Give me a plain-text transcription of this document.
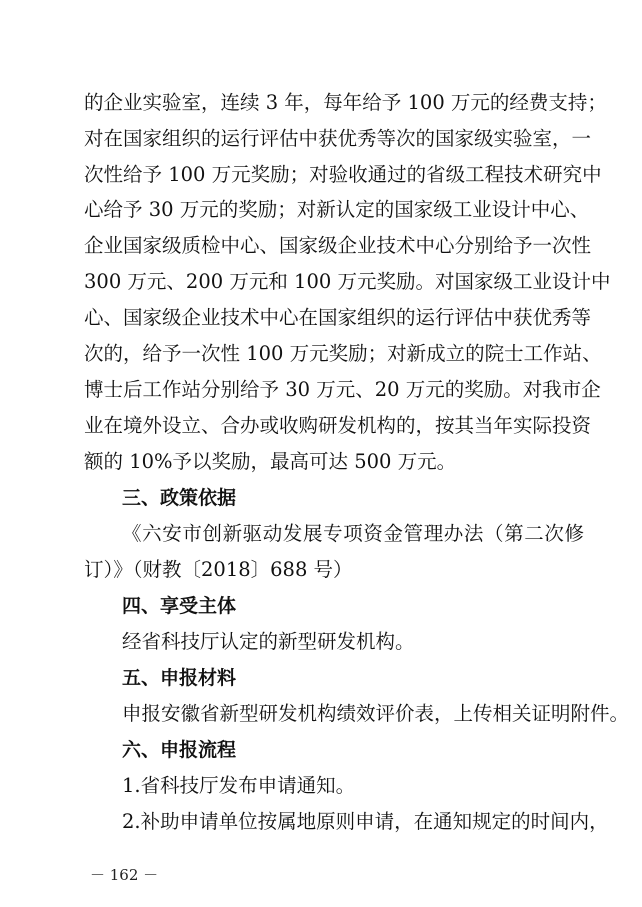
的企业实验室，连续 3 年，每年给予 100 万元的经费支持；
对在国家组织的运行评估中获优秀等次的国家级实验室，一
次性给予 100 万元奖励；对验收通过的省级工程技术研究中
心给予 30 万元的奖励；对新认定的国家级工业设计中心、
企业国家级质检中心、国家级企业技术中心分别给予一次性
300 万元、200 万元和 100 万元奖励。对国家级工业设计中
心、国家级企业技术中心在国家组织的运行评估中获优秀等
次的，给予一次性 100 万元奖励；对新成立的院士工作站、
博士后工作站分别给予 30 万元、20 万元的奖励。对我市企
业在境外设立、合办或收购研发机构的，按其当年实际投资
额的 10%予以奖励，最高可达 500 万元。
三、政策依据
《六安市创新驱动发展专项资金管理办法（第二次修
订）》（财教〔2018〕688 号）
四、享受主体
经省科技厅认定的新型研发机构。
五、申报材料
申报安徽省新型研发机构绩效评价表，上传相关证明附件。
六、申报流程
1.省科技厅发布申请通知。
2.补助申请单位按属地原则申请，在通知规定的时间内，
－ 162 －
